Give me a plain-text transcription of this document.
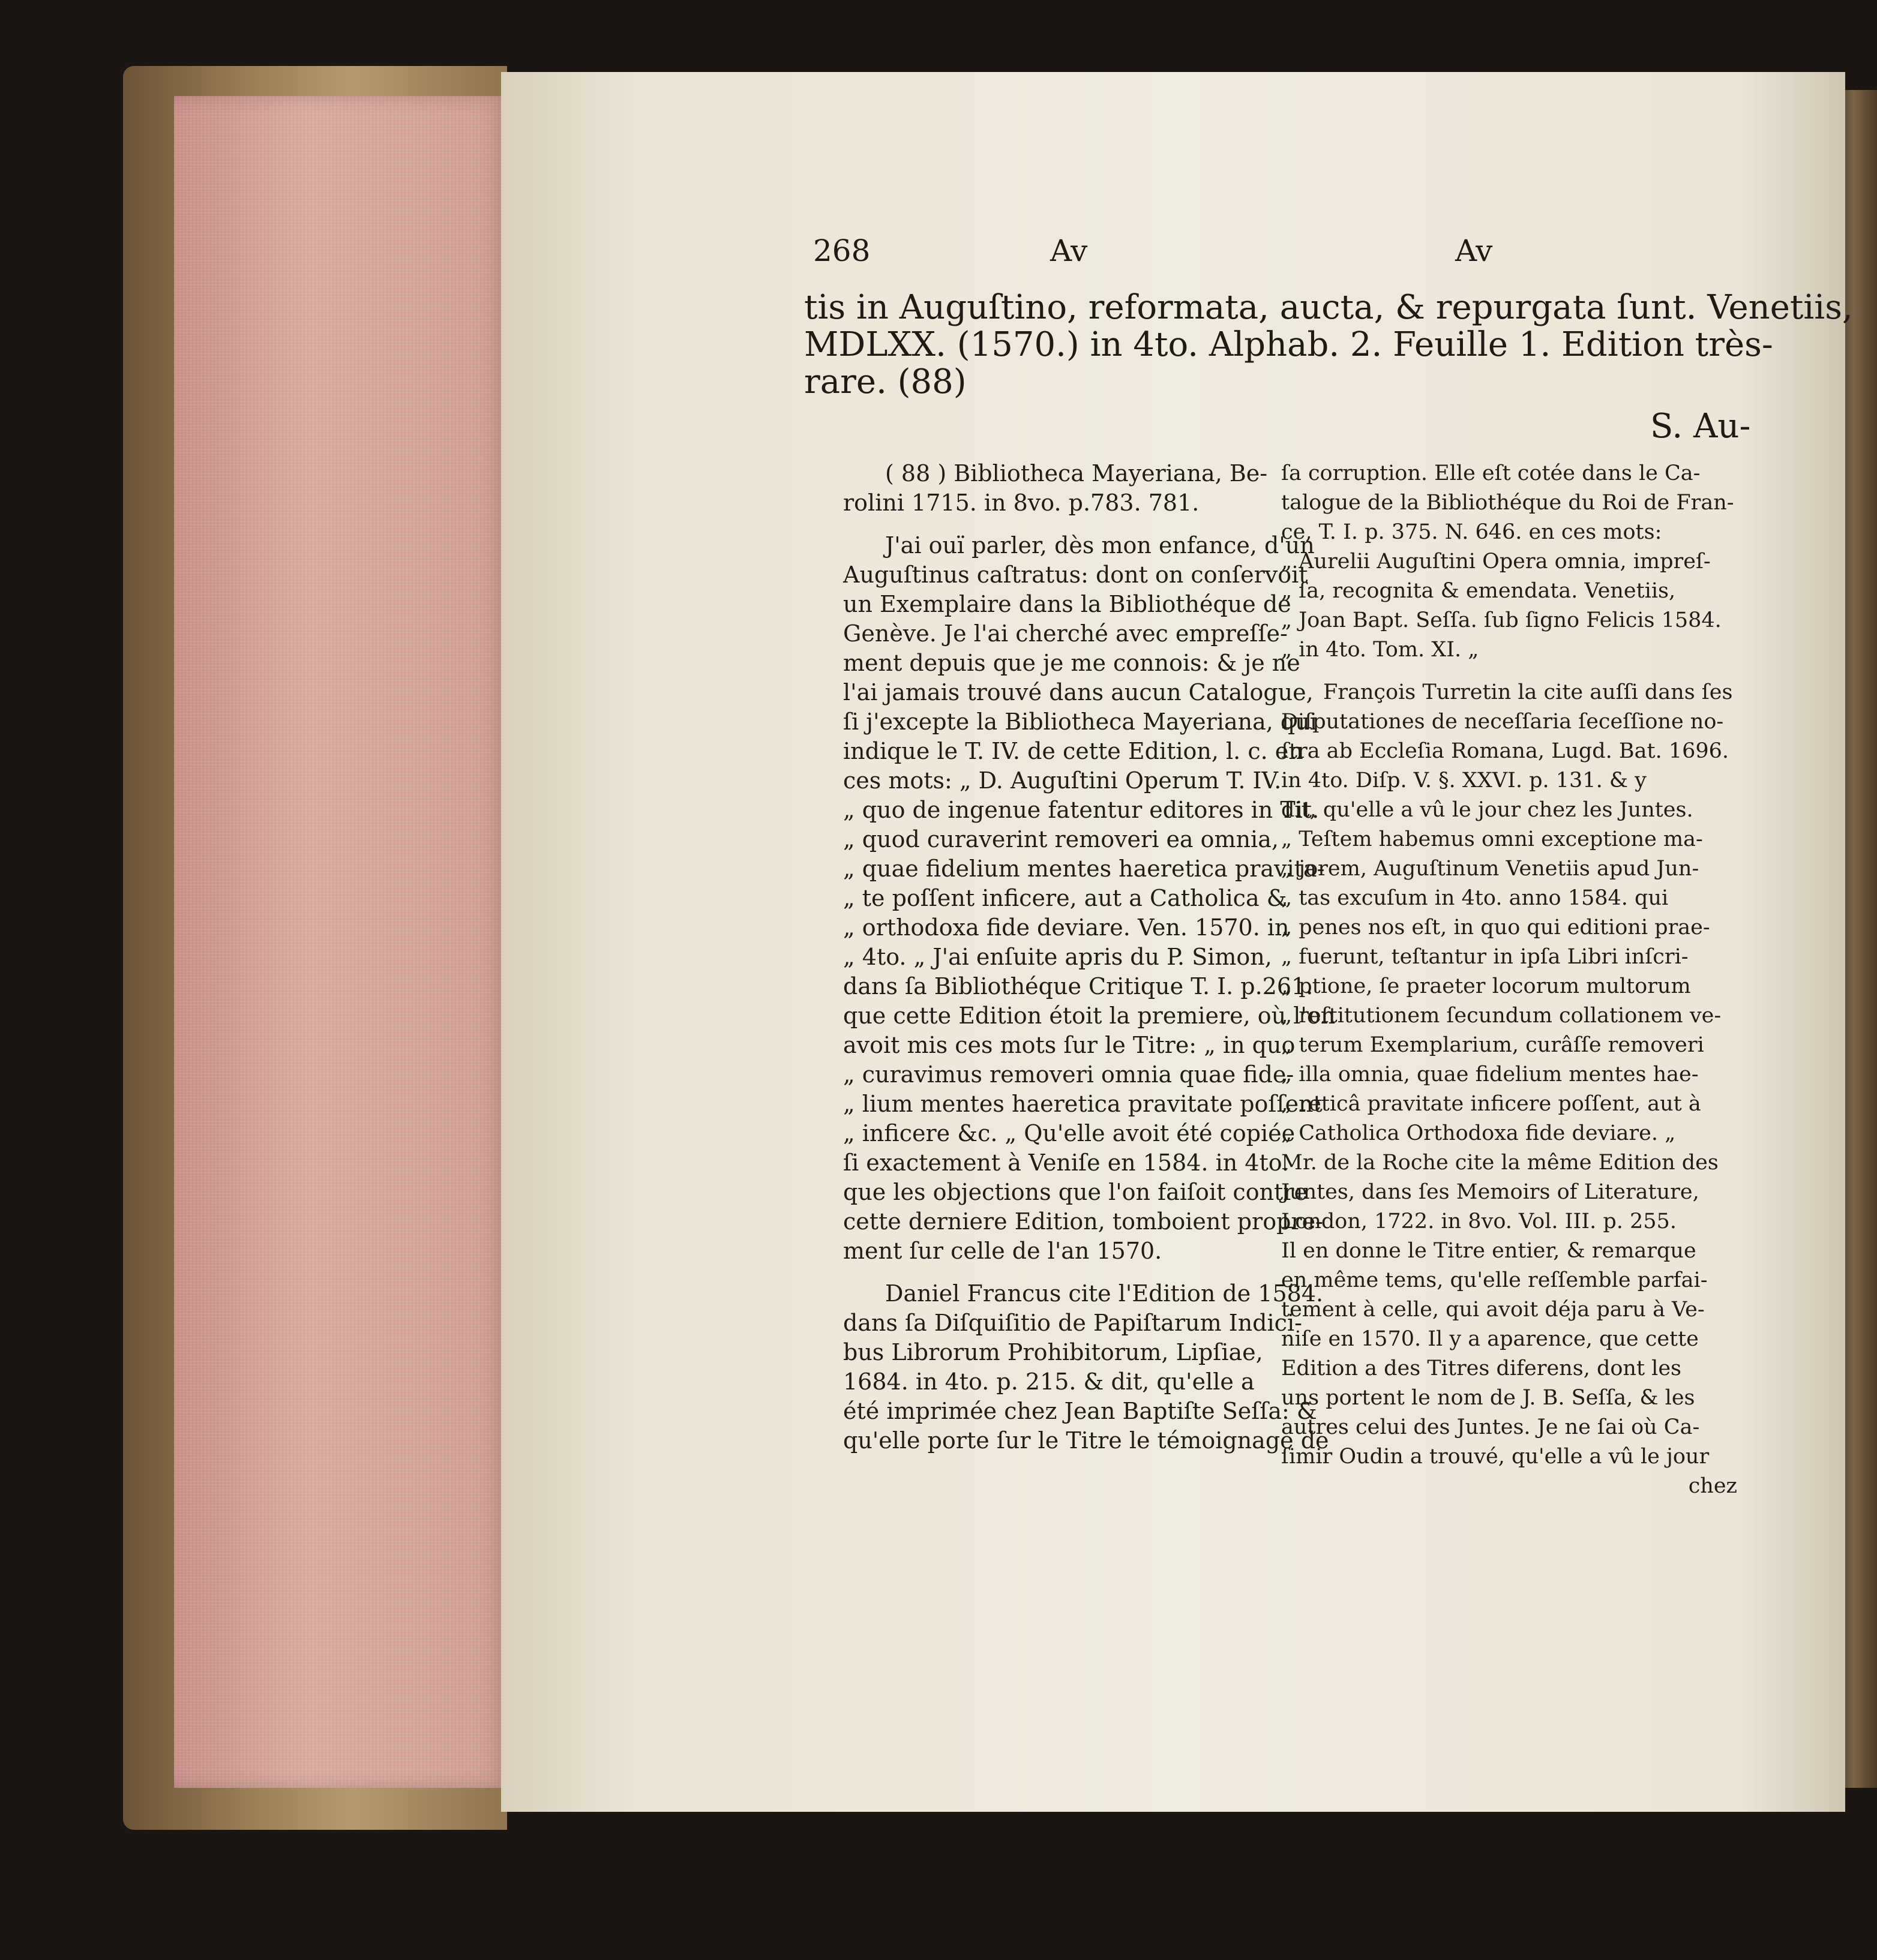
268	Av	Av
tis in Auguſtino, reformata, aucta, & repurgata ſunt. Venetiis,
MDLXX. (1570.) in 4to. Alphab. 2. Feuille 1. Edition très-
rare. (88)
S. Au-

( 88 ) Bibliotheca Mayeriana, Be-

rolini 1715. in 8vo. p.783. 781.

J'ai ouï parler, dès mon enfance, d'un

Auguſtinus caſtratus: dont on conſervoit

un Exemplaire dans la Bibliothéque de

Genève. Je l'ai cherché avec empreſſe-

ment depuis que je me connois: & je ne

l'ai jamais trouvé dans aucun Catalogue,

ſi j'excepte la Bibliotheca Mayeriana, qui

indique le T. IV. de cette Edition, l. c. en

ces mots: „ D. Auguſtini Operum T. IV.

„ quo de ingenue fatentur editores in Tit.

„ quod curaverint removeri ea omnia,

„ quae fidelium mentes haeretica pravita-

„ te poſſent inficere, aut a Catholica &

„ orthodoxa fide deviare. Ven. 1570. in

„ 4to. „ J'ai enſuite apris du P. Simon,

dans ſa Bibliothéque Critique T. I. p.261.

que cette Edition étoit la premiere, où l'on

avoit mis ces mots ſur le Titre: „ in quo

„ curavimus removeri omnia quae fide-

„ lium mentes haeretica pravitate poſſent

„ inficere &c. „ Qu'elle avoit été copiée

ſi exactement à Veniſe en 1584. in 4to.

que les objections que l'on faiſoit contre

cette derniere Edition, tomboient propre-

ment ſur celle de l'an 1570.

Daniel Francus cite l'Edition de 1584.

dans ſa Diſquiſitio de Papiſtarum Indici-

bus Librorum Prohibitorum, Lipſiae,

1684. in 4to. p. 215. & dit, qu'elle a

été imprimée chez Jean Baptiſte Seſſa: &

qu'elle porte ſur le Titre le témoignage de

ſa corruption. Elle eſt cotée dans le Ca-

talogue de la Bibliothéque du Roi de Fran-

ce, T. I. p. 375. N. 646. en ces mots:

„ Aurelii Auguſtini Opera omnia, impreſ-

„ ſa, recognita & emendata. Venetiis,

„ Joan Bapt. Seſſa. ſub ſigno Felicis 1584.

„ in 4to. Tom. XI. „

François Turretin la cite auſſi dans ſes

Diſputationes de neceſſaria ſeceſſione no-

ſtra ab Eccleſia Romana, Lugd. Bat. 1696.

in 4to. Diſp. V. §. XXVI. p. 131. & y

dit, qu'elle a vû le jour chez les Juntes.

„ Teſtem habemus omni exceptione ma-

„ jorem, Auguſtinum Venetiis apud Jun-

„ tas excuſum in 4to. anno 1584. qui

„ penes nos eſt, in quo qui editioni prae-

„ fuerunt, teſtantur in ipſa Libri inſcri-

„ ptione, ſe praeter locorum multorum

„ reſtitutionem ſecundum collationem ve-

„ terum Exemplarium, curâſſe removeri

„ illa omnia, quae fidelium mentes hae-

„ reticâ pravitate inficere poſſent, aut à

„ Catholica Orthodoxa fide deviare. „

Mr. de la Roche cite la même Edition des

Juntes, dans ſes Memoirs of Literature,

London, 1722. in 8vo. Vol. III. p. 255.

Il en donne le Titre entier, & remarque

en même tems, qu'elle reſſemble parfai-

tement à celle, qui avoit déja paru à Ve-

niſe en 1570. Il y a aparence, que cette

Edition a des Titres diferens, dont les

uns portent le nom de J. B. Seſſa, & les

autres celui des Juntes. Je ne ſai où Ca-

ſimir Oudin a trouvé, qu'elle a vû le jour

chez
